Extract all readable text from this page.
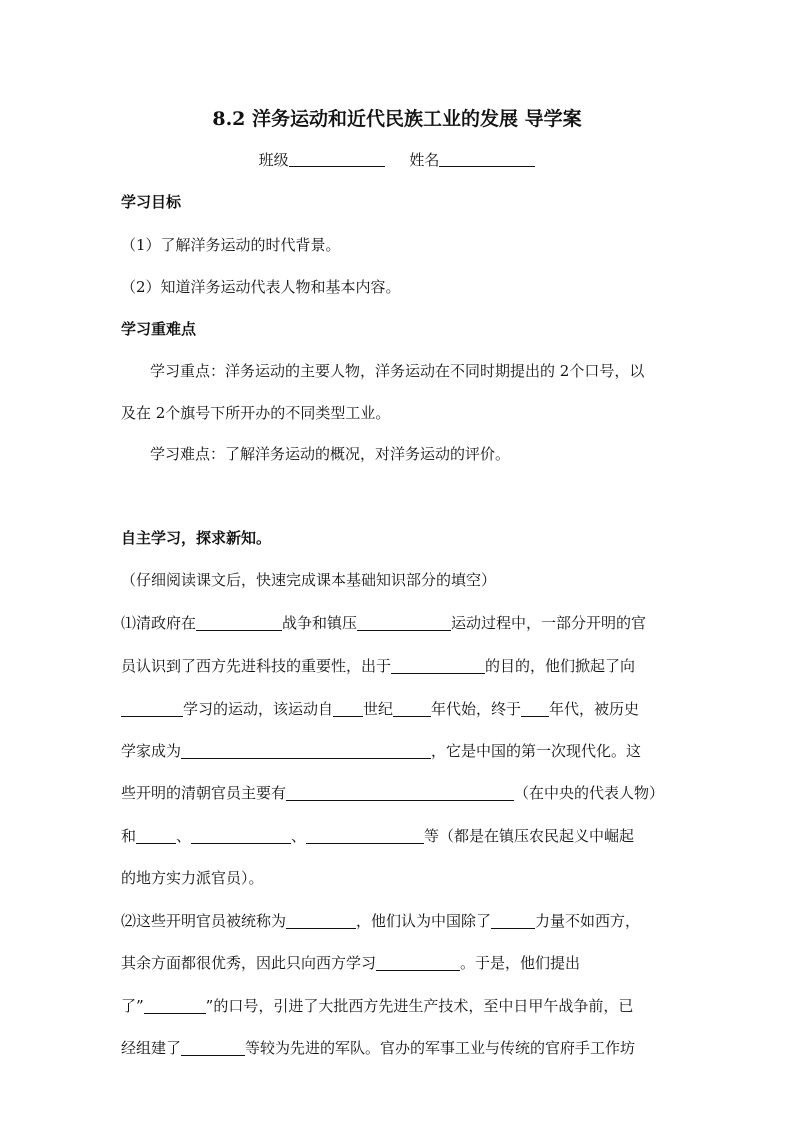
8.2 洋务运动和近代民族工业的发展 导学案
班级	姓名
学习目标
（1）了解洋务运动的时代背景。
（2）知道洋务运动代表人物和基本内容。
学习重难点
学习重点：洋务运动的主要人物，洋务运动在不同时期提出的 2个口号，以
及在 2个旗号下所开办的不同类型工业。
学习难点：了解洋务运动的概况，对洋务运动的评价。
自主学习，探求新知。
（仔细阅读课文后，快速完成课本基础知识部分的填空）
⑴清政府在	战争和镇压	运动过程中，一部分开明的官
员认识到了西方先进科技的重要性，出于	的目的，他们掀起了向
学习的运动，该运动自 世纪	年代始，终于 年代，被历史
学家成为	，它是中国的第一次现代化。这
些开明的清朝官员主要有	（在中央的代表人物）
和	、	、	等（都是在镇压农民起义中崛起
的地方实力派官员）。
⑵这些开明官员被统称为	，他们认为中国除了	力量不如西方，
其余方面都很优秀，因此只向西方学习	。于是，他们提出
了”	”的口号，引进了大批西方先进生产技术，至中日甲午战争前，已
经组建了	等较为先进的军队。官办的军事工业与传统的官府手工作坊
